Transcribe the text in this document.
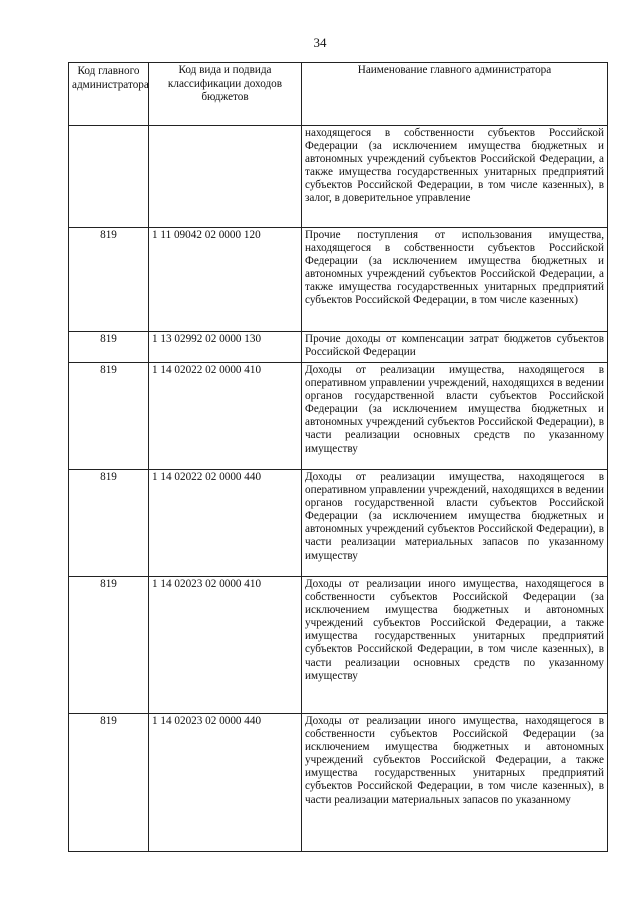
34
Код главного администратора	Код вида и подвида классификации доходов бюджетов	Наименование главного администратора
		находящегося в собственности субъектов Российской Федерации (за исключением имущества бюджетных и автономных учреждений субъектов Российской Федерации, а также имущества государственных унитарных предприятий субъектов Российской Федерации, в том числе казенных), в залог, в доверительное управление
819	1 11 09042 02 0000 120	Прочие поступления от использования имущества, находящегося в собственности субъектов Российской Федерации (за исключением имущества бюджетных и автономных учреждений субъектов Российской Федерации, а также имущества государственных унитарных предприятий субъектов Российской Федерации, в том числе казенных)
819	1 13 02992 02 0000 130	Прочие доходы от компенсации затрат бюджетов субъектов Российской Федерации
819	1 14 02022 02 0000 410	Доходы от реализации имущества, находящегося в оперативном управлении учреждений, находящихся в ведении органов государственной власти субъектов Российской Федерации (за исключением имущества бюджетных и автономных учреждений субъектов Российской Федерации), в части реализации основных средств по указанному имуществу
819	1 14 02022 02 0000 440	Доходы от реализации имущества, находящегося в оперативном управлении учреждений, находящихся в ведении органов государственной власти субъектов Российской Федерации (за исключением имущества бюджетных и автономных учреждений субъектов Российской Федерации), в части реализации материальных запасов по указанному имуществу
819	1 14 02023 02 0000 410	Доходы от реализации иного имущества, находящегося в собственности субъектов Российской Федерации (за исключением имущества бюджетных и автономных учреждений субъектов Российской Федерации, а также имущества государственных унитарных предприятий субъектов Российской Федерации, в том числе казенных), в части реализации основных средств по указанному имуществу
819	1 14 02023 02 0000 440	Доходы от реализации иного имущества, находящегося в собственности субъектов Российской Федерации (за исключением имущества бюджетных и автономных учреждений субъектов Российской Федерации, а также имущества государственных унитарных предприятий субъектов Российской Федерации, в том числе казенных), в части реализации материальных запасов по указанному
